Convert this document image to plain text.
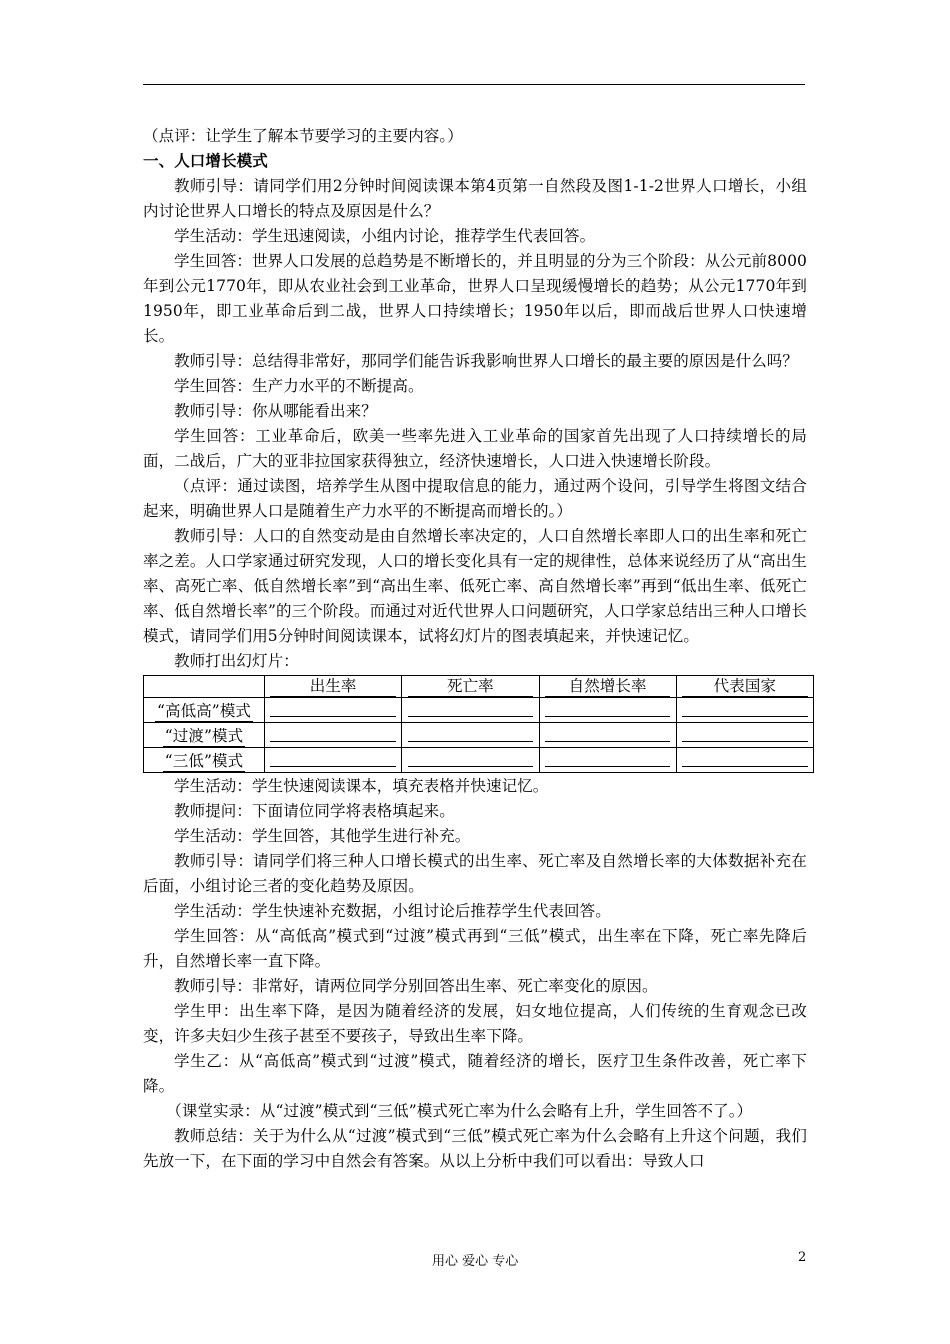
（点评：让学生了解本节要学习的主要内容。）

一、人口增长模式

教师引导：请同学们用2分钟时间阅读课本第4页第一自然段及图1-1-2世界人口增长，小组内讨论世界人口增长的特点及原因是什么？

学生活动：学生迅速阅读，小组内讨论，推荐学生代表回答。

学生回答：世界人口发展的总趋势是不断增长的，并且明显的分为三个阶段：从公元前8000年到公元1770年，即从农业社会到工业革命，世界人口呈现缓慢增长的趋势；从公元1770年到1950年，即工业革命后到二战，世界人口持续增长；1950年以后，即而战后世界人口快速增长。

教师引导：总结得非常好，那同学们能告诉我影响世界人口增长的最主要的原因是什么吗？

学生回答：生产力水平的不断提高。

教师引导：你从哪能看出来？

学生回答：工业革命后，欧美一些率先进入工业革命的国家首先出现了人口持续增长的局面，二战后，广大的亚非拉国家获得独立，经济快速增长，人口进入快速增长阶段。

（点评：通过读图，培养学生从图中提取信息的能力，通过两个设问，引导学生将图文结合起来，明确世界人口是随着生产力水平的不断提高而增长的。）

教师引导：人口的自然变动是由自然增长率决定的，人口自然增长率即人口的出生率和死亡率之差。人口学家通过研究发现，人口的增长变化具有一定的规律性，总体来说经历了从“高出生率、高死亡率、低自然增长率”到“高出生率、低死亡率、高自然增长率”再到“低出生率、低死亡率、低自然增长率”的三个阶段。而通过对近代世界人口问题研究，人口学家总结出三种人口增长模式，请同学们用5分钟时间阅读课本，试将幻灯片的图表填起来，并快速记忆。

教师打出幻灯片：

	出生率	死亡率	自然增长率	代表国家
“高低高”模式				
“过渡”模式				
“三低”模式				

学生活动：学生快速阅读课本，填充表格并快速记忆。

教师提问：下面请位同学将表格填起来。

学生活动：学生回答，其他学生进行补充。

教师引导：请同学们将三种人口增长模式的出生率、死亡率及自然增长率的大体数据补充在后面，小组讨论三者的变化趋势及原因。

学生活动：学生快速补充数据，小组讨论后推荐学生代表回答。

学生回答：从“高低高”模式到“过渡”模式再到“三低”模式，出生率在下降，死亡率先降后升，自然增长率一直下降。

教师引导：非常好，请两位同学分别回答出生率、死亡率变化的原因。

学生甲：出生率下降，是因为随着经济的发展，妇女地位提高，人们传统的生育观念已改变，许多夫妇少生孩子甚至不要孩子，导致出生率下降。

学生乙：从“高低高”模式到“过渡”模式，随着经济的增长，医疗卫生条件改善，死亡率下降。

（课堂实录：从“过渡”模式到“三低”模式死亡率为什么会略有上升，学生回答不了。）

教师总结：关于为什么从“过渡”模式到“三低”模式死亡率为什么会略有上升这个问题，我们先放一下，在下面的学习中自然会有答案。从以上分析中我们可以看出：导致人口

用心 爱心 专心	2
